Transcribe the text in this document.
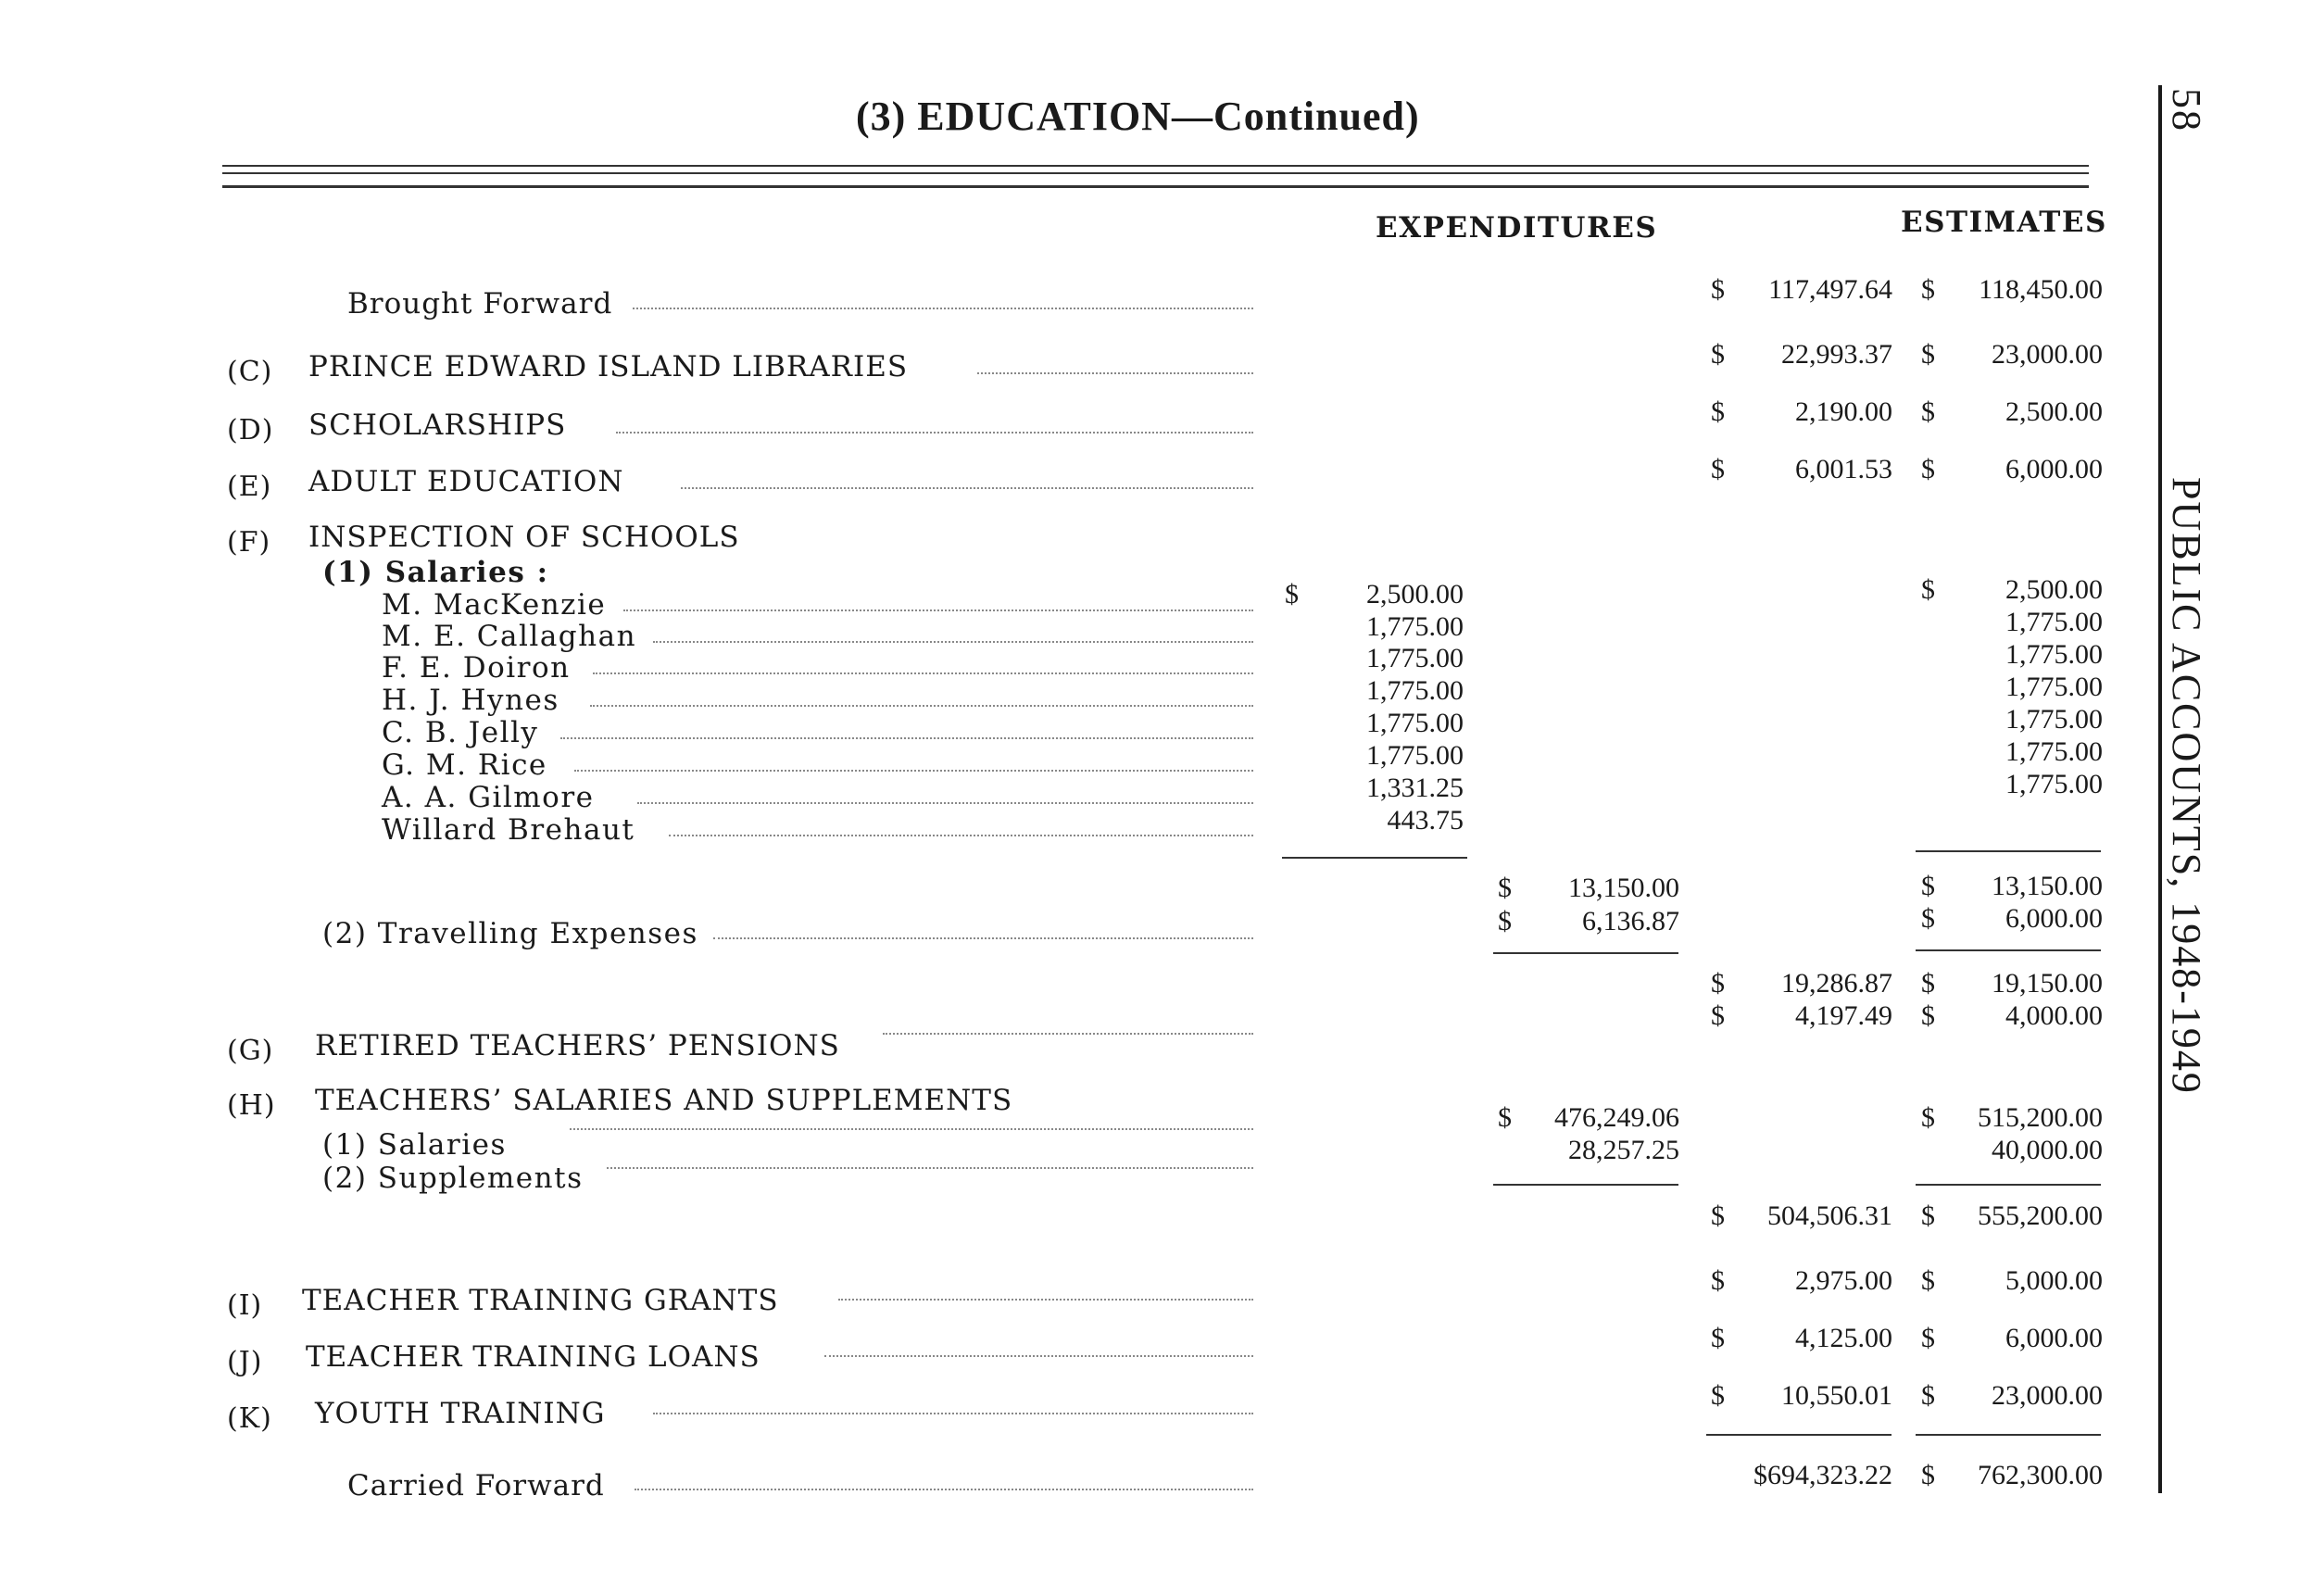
(3) EDUCATION—Continued)	58
PUBLIC ACCOUNTS, 1948-1949
EXPENDITURES	ESTIMATES
Brought Forward	$	117,497.64 $	118,450.00
(C) PRINCE EDWARD ISLAND LIBRARIES	$	22,993.37 $	23,000.00
(D) SCHOLARSHIPS	$	2,190.00 $	2,500.00
(E) ADULT EDUCATION	$	6,001.53 $	6,000.00
(F) INSPECTION OF SCHOOLS
(1) Salaries :
M. MacKenzie	$	2,500.00	$	2,500.00
M. E. Callaghan	1,775.00	1,775.00
F. E. Doiron	1,775.00	1,775.00
H. J. Hynes	1,775.00	1,775.00
C. B. Jelly	1,775.00	1,775.00
G. M. Rice	1,775.00	1,775.00
A. A. Gilmore	1,331.25	1,775.00
Willard Brehaut	443.75
$	13,150.00	$	13,150.00
(2) Travelling Expenses	$	6,136.87	$	6,000.00
$	19,286.87 $	19,150.00
(G) RETIRED TEACHERS’ PENSIONS
$	4,197.49 $	4,000.00
(H) TEACHERS’ SALARIES AND SUPPLEMENTS
(1) Salaries
$	476,249.06	$	515,200.00
(2) Supplements
28,257.25	40,000.00
$	504,506.31 $	555,200.00
(I) TEACHER TRAINING GRANTS
$	2,975.00 $	5,000.00
(J) TEACHER TRAINING LOANS
$	4,125.00 $	6,000.00
(K) YOUTH TRAINING
$	10,550.01 $	23,000.00
Carried Forward	$694,323.22 $	762,300.00
